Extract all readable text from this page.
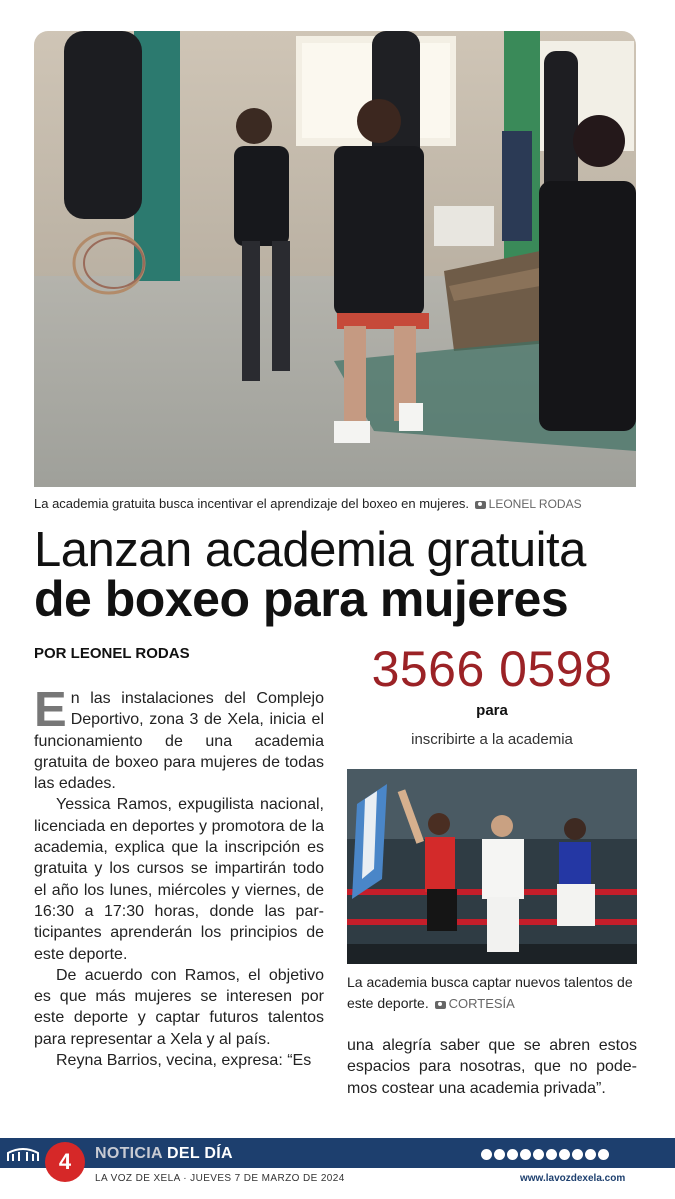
La academia gratuita busca incentivar el aprendizaje del boxeo en mujeres. LEONEL RODAS
Lanzan academia gratuita
de boxeo para mujeres
POR LEONEL RODAS

En las instalaciones del Complejo Deportivo, zona 3 de Xela, inicia el funcionamiento de una academia gratuita de boxeo para mujeres de todas las edades.

Yessica Ramos, expugilista nacional, licenciada en deportes y promotora de la academia, explica que la inscripción es gratuita y los cursos se impartirán todo el año los lunes, miércoles y viernes, de 16:30 a 17:30 horas, donde las participantes aprenderán los principios de este deporte.

De acuerdo con Ramos, el objetivo es que más mujeres se interesen por este deporte y captar futuros talentos para representar a Xela y al país.

Reyna Barrios, vecina, expresa: “Es

3566 0598
para
inscribirte a la academia
La academia busca captar nuevos talentos de este deporte. CORTESÍA
una alegría saber que se abren estos espacios para nosotras, que no podemos costear una academia privada”.
4	NOTICIA DEL DÍA
LA VOZ DE XELA · JUEVES 7 DE MARZO DE 2024	www.lavozdexela.com
